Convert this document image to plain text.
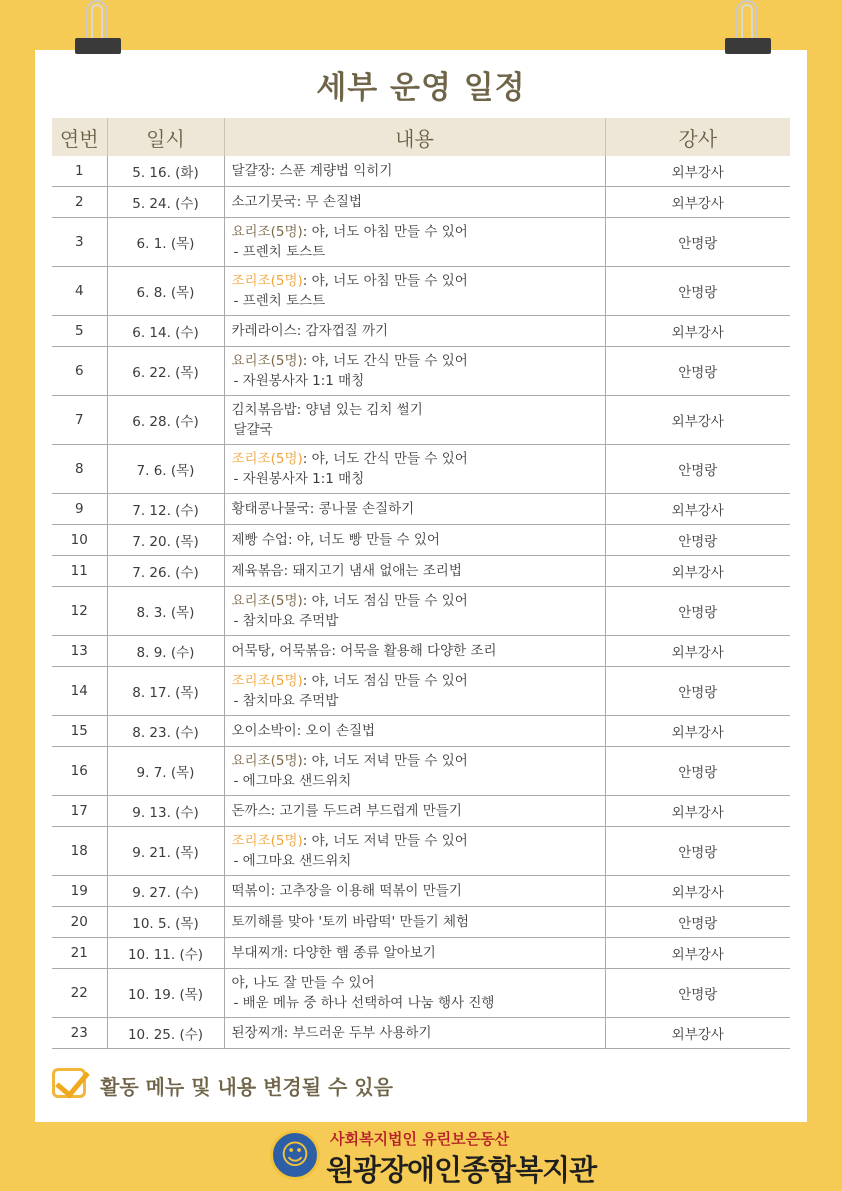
세부 운영 일정
연번	일시	내용	강사
1	5. 16. (화)	달걀장: 스푼 계량법 익히기	외부강사
2	5. 24. (수)	소고기뭇국: 무 손질법	외부강사
3	6. 1. (목)	요리조(5명): 야, 너도 아침 만들 수 있어
- 프렌치 토스트	안명랑
4	6. 8. (목)	조리조(5명): 야, 너도 아침 만들 수 있어
- 프렌치 토스트	안명랑
5	6. 14. (수)	카레라이스: 감자껍질 까기	외부강사
6	6. 22. (목)	요리조(5명): 야, 너도 간식 만들 수 있어
- 자원봉사자 1:1 매칭	안명랑
7	6. 28. (수)	김치볶음밥: 양념 있는 김치 썰기
달걀국	외부강사
8	7. 6. (목)	조리조(5명): 야, 너도 간식 만들 수 있어
- 자원봉사자 1:1 매칭	안명랑
9	7. 12. (수)	황태콩나물국: 콩나물 손질하기	외부강사
10	7. 20. (목)	제빵 수업: 야, 너도 빵 만들 수 있어	안명랑
11	7. 26. (수)	제육볶음: 돼지고기 냄새 없애는 조리법	외부강사
12	8. 3. (목)	요리조(5명): 야, 너도 점심 만들 수 있어
- 참치마요 주먹밥	안명랑
13	8. 9. (수)	어묵탕, 어묵볶음: 어묵을 활용해 다양한 조리	외부강사
14	8. 17. (목)	조리조(5명): 야, 너도 점심 만들 수 있어
- 참치마요 주먹밥	안명랑
15	8. 23. (수)	오이소박이: 오이 손질법	외부강사
16	9. 7. (목)	요리조(5명): 야, 너도 저녁 만들 수 있어
- 에그마요 샌드위치	안명랑
17	9. 13. (수)	돈까스: 고기를 두드려 부드럽게 만들기	외부강사
18	9. 21. (목)	조리조(5명): 야, 너도 저녁 만들 수 있어
- 에그마요 샌드위치	안명랑
19	9. 27. (수)	떡볶이: 고추장을 이용해 떡볶이 만들기	외부강사
20	10. 5. (목)	토끼해를 맞아 '토끼 바람떡' 만들기 체험	안명랑
21	10. 11. (수)	부대찌개: 다양한 햄 종류 알아보기	외부강사
22	10. 19. (목)	야, 나도 잘 만들 수 있어
- 배운 메뉴 중 하나 선택하여 나눔 행사 진행	안명랑
23	10. 25. (수)	된장찌개: 부드러운 두부 사용하기	외부강사
활동 메뉴 및 내용 변경될 수 있음
☺	사회복지법인 유린보은동산
원광장애인종합복지관
